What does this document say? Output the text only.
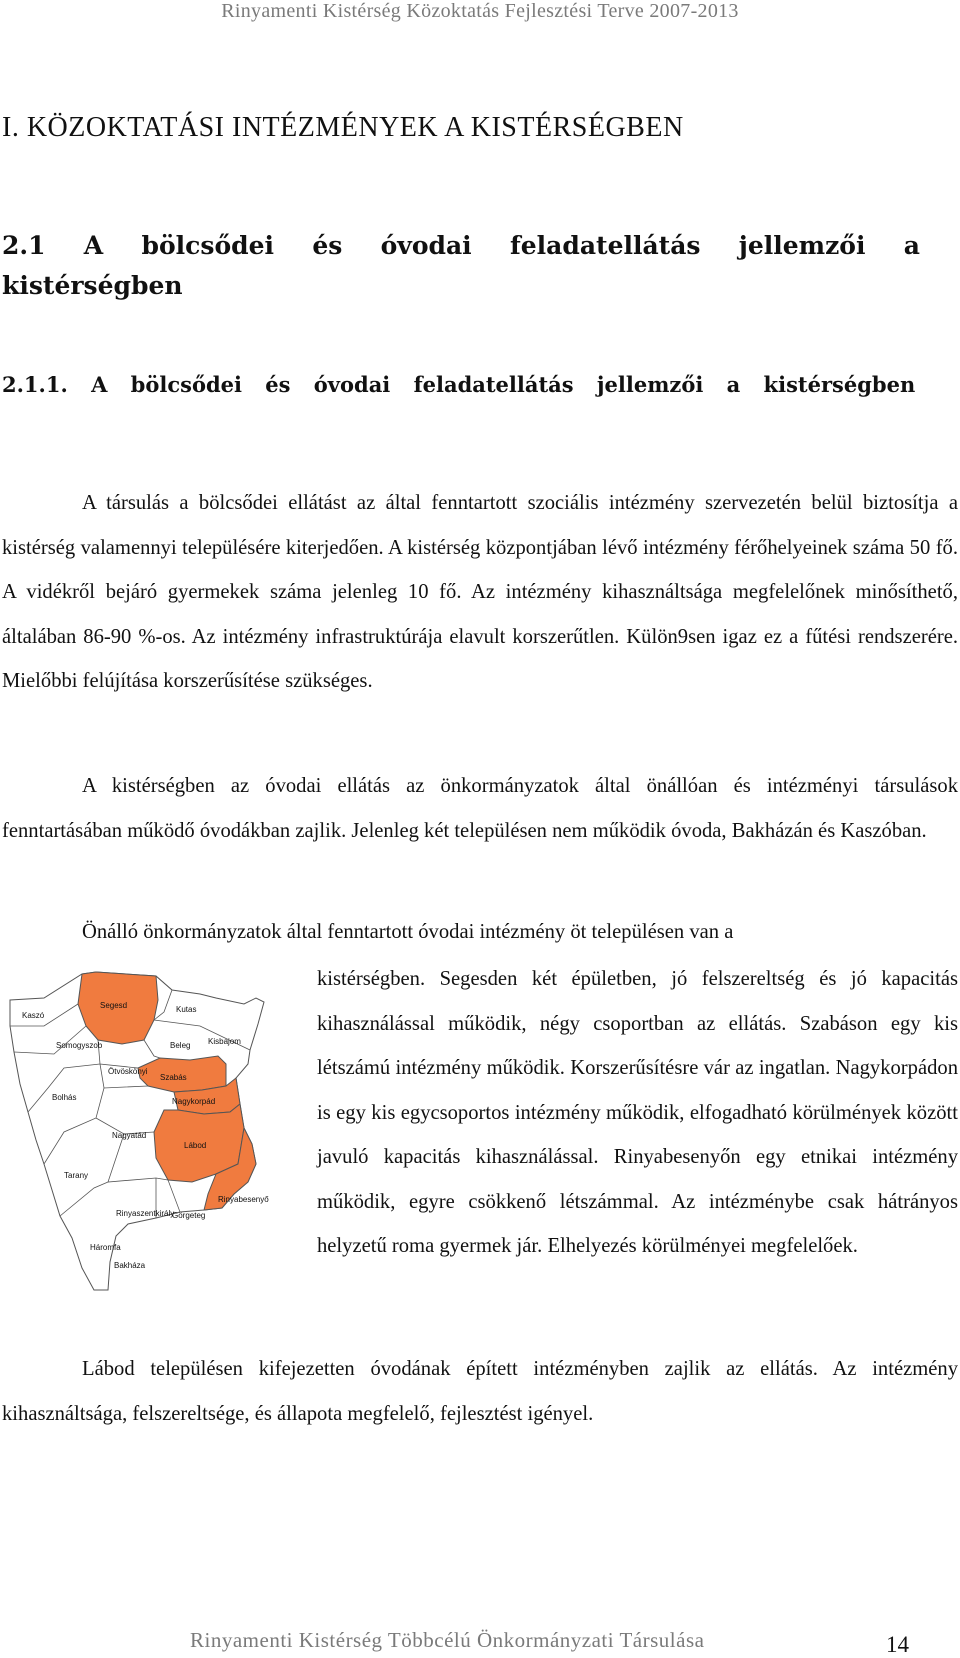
Rinyamenti Kistérség Közoktatás Fejlesztési Terve 2007-2013
I. KÖZOKTATÁSI INTÉZMÉNYEK A KISTÉRSÉGBEN
2.1 A bölcsődei és óvodai feladatellátás jellemzői a kistérségben
2.1.1. A bölcsődei és óvodai feladatellátás jellemzői a kistérségben

A társulás a bölcsődei ellátást az által fenntartott szociális intézmény szervezetén belül biztosítja a kistérség valamennyi településére kiterjedően. A kistérség központjában lévő intézmény férőhelyeinek száma 50 fő. A vidékről bejáró gyermekek száma jelenleg 10 fő. Az intézmény kihasználtsága megfelelőnek minősíthető, általában 86-90 %-os. Az intézmény infrastruktúrája elavult korszerűtlen. Külön9sen igaz ez a fűtési rendszerére. Mielőbbi felújítása korszerűsítése szükséges.

A kistérségben az óvodai ellátás az önkormányzatok által önállóan és intézményi társulások fenntartásában működő óvodákban zajlik. Jelenleg két településen nem működik óvoda, Bakházán és Kaszóban.

Önálló önkormányzatok által fenntartott óvodai intézmény öt településen van a

Segesd	Kutas
Kaszó
Somogyszob	Beleg Kisbajom
Ötvöskönyi
Szabás
Bolhás	Nagykorpád
Nagyatád
Lábod
Tarany
Rinyabesenyő
Rinyaszentkirály
Görgeteg
Háromfa
Bakháza

kistérségben. Segesden két épületben, jó felszereltség és jó kapacitás kihasználással működik, négy csoportban az ellátás. Szabáson egy kis létszámú intézmény működik. Korszerűsítésre vár az ingatlan. Nagykorpádon is egy kis egycsoportos intézmény működik, elfogadható körülmények között javuló kapacitás kihasználással. Rinyabesenyőn egy etnikai intézmény működik, egyre csökkenő létszámmal. Az intézménybe csak hátrányos helyzetű roma gyermek jár. Elhelyezés körülményei megfelelőek.

Lábod településen kifejezetten óvodának épített intézményben zajlik az ellátás. Az intézmény kihasználtsága, felszereltsége, és állapota megfelelő, fejlesztést igényel.

Rinyamenti Kistérség Többcélú Önkormányzati Társulása	14
